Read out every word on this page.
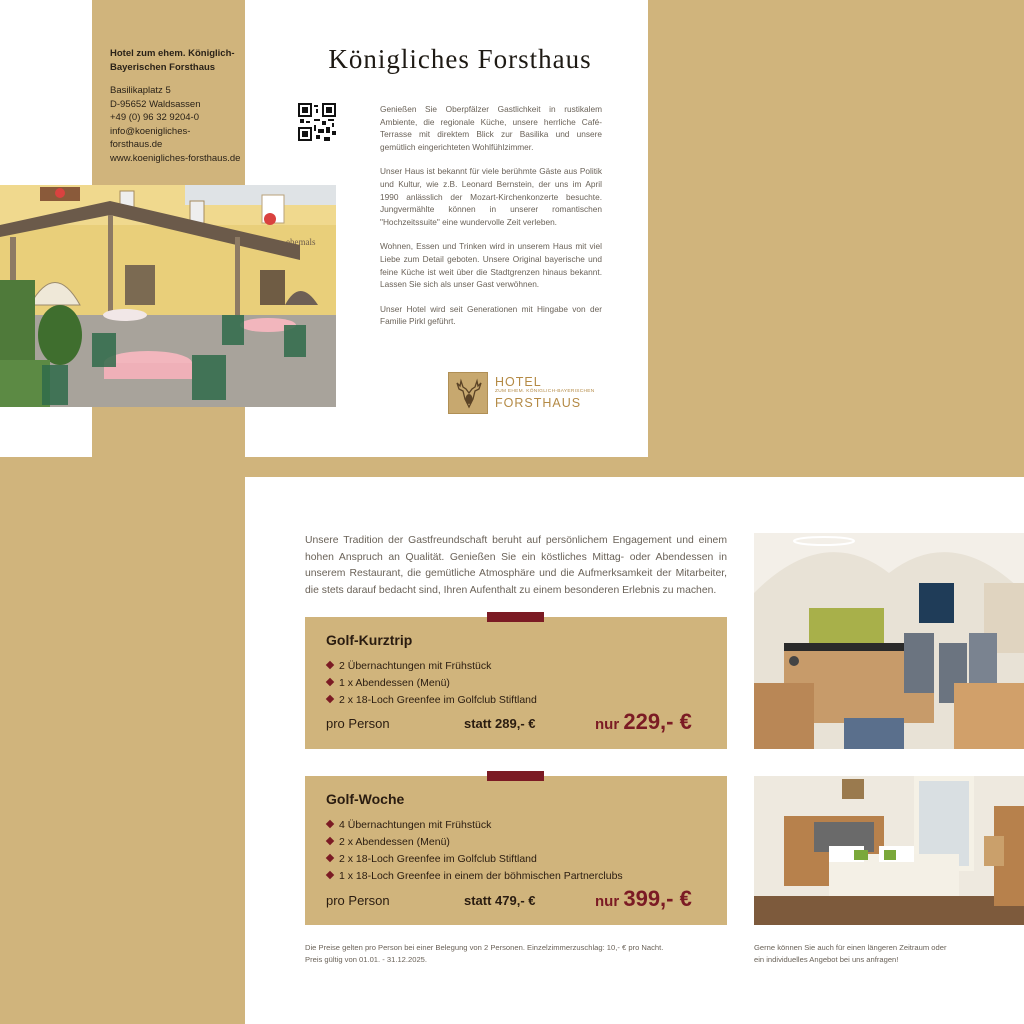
Hotel zum ehem. Königlich-
Bayerischen Forsthaus
Basilikaplatz 5
D-95652 Waldsassen
+49 (0) 96 32 9204-0
info@koenigliches-forsthaus.de
www.koenigliches-forsthaus.de
ehemals
Königliches Forsthaus

Genießen Sie Oberpfälzer Gastlichkeit in rustikalem Ambiente, die regionale Küche, unsere herrliche Café-Terrasse mit direktem Blick zur Basilika und unsere gemütlich eingerichteten Wohlfühlzimmer.

Unser Haus ist bekannt für viele berühmte Gäste aus Politik und Kultur, wie z.B. Leonard Bernstein, der uns im April 1990 anlässlich der Mozart-Kirchenkonzerte besuchte. Jungvermählte können in unserer romantischen "Hochzeitssuite" eine wundervolle Zeit verleben.

Wohnen, Essen und Trinken wird in unserem Haus mit viel Liebe zum Detail geboten. Unsere Original bayerische und feine Küche ist weit über die Stadtgrenzen hinaus bekannt. Lassen Sie sich als unser Gast verwöhnen.

Unser Hotel wird seit Generationen mit Hingabe von der Familie Pirkl geführt.

HOTEL
ZUM EHEM. KÖNIGLICH-BAYERISCHEN
FORSTHAUS
Unsere Tradition der Gastfreundschaft beruht auf persönlichem Engagement und einem hohen Anspruch an Qualität. Genießen Sie ein köstliches Mittag- oder Abendessen in unserem Restaurant, die gemütliche Atmosphäre und die Aufmerksamkeit der Mitarbeiter, die stets darauf bedacht sind, Ihren Aufenthalt zu einem besonderen Erlebnis zu machen.
Golf-Kurztrip
2 Übernachtungen mit Frühstück
1 x Abendessen (Menü)
2 x 18-Loch Greenfee im Golfclub Stiftland
pro Person	statt 289,- €	nur 229,- €
Golf-Woche
4 Übernachtungen mit Frühstück
2 x Abendessen (Menü)
2 x 18-Loch Greenfee im Golfclub Stiftland
1 x 18-Loch Greenfee in einem der böhmischen Partnerclubs
pro Person	statt 479,- €	nur 399,- €
Die Preise gelten pro Person bei einer Belegung von 2 Personen. Einzelzimmerzuschlag: 10,- € pro Nacht.
Preis gültig von 01.01. - 31.12.2025.
Gerne können Sie auch für einen längeren Zeitraum oder
ein individuelles Angebot bei uns anfragen!
